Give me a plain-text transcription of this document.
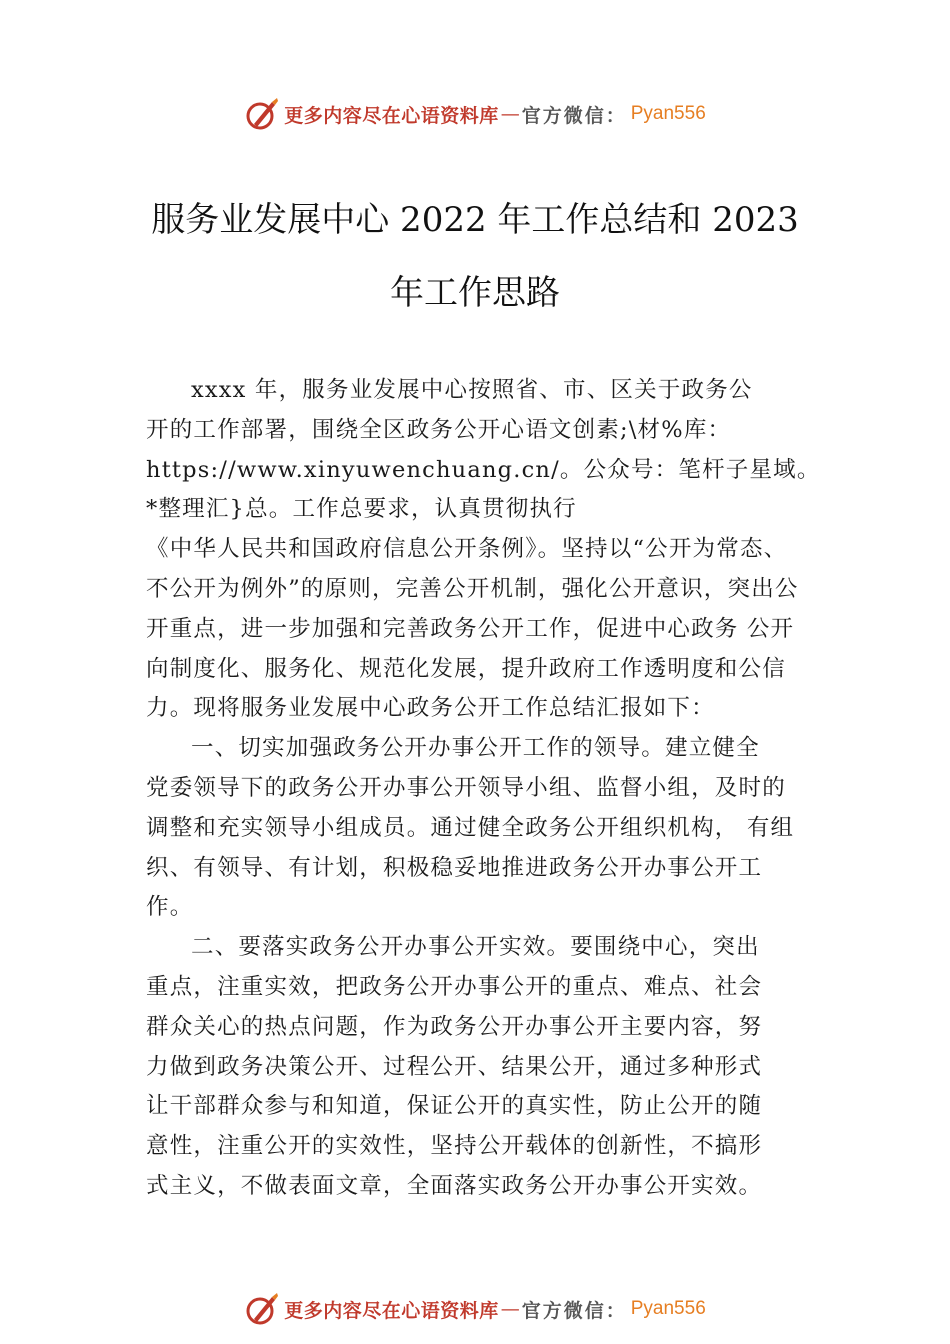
更多内容尽在心语资料库 — 官方微信： Pyan556
服务业发展中心 2022 年工作总结和 2023
年工作思路

xxxx 年，服务业发展中心按照省、市、区关于政务公
开的工作部署，围绕全区政务公开心语文创素;\材%库：
https://www.xinyuwenchuang.cn/。公众号：笔杆子星域。
*整理汇}总。工作总要求，认真贯彻执行
《中华人民共和国政府信息公开条例》。坚持以“公开为常态、
不公开为例外”的原则，完善公开机制，强化公开意识，突出公
开重点，进一步加强和完善政务公开工作，促进中心政务 公开
向制度化、服务化、规范化发展，提升政府工作透明度和公信
力。现将服务业发展中心政务公开工作总结汇报如下：

一、切实加强政务公开办事公开工作的领导。建立健全
党委领导下的政务公开办事公开领导小组、监督小组，及时的
调整和充实领导小组成员。通过健全政务公开组织机构， 有组
织、有领导、有计划，积极稳妥地推进政务公开办事公开工
作。

二、要落实政务公开办事公开实效。要围绕中心，突出
重点，注重实效，把政务公开办事公开的重点、难点、社会
群众关心的热点问题，作为政务公开办事公开主要内容，努
力做到政务决策公开、过程公开、结果公开，通过多种形式
让干部群众参与和知道，保证公开的真实性，防止公开的随
意性，注重公开的实效性，坚持公开载体的创新性，不搞形
式主义，不做表面文章，全面落实政务公开办事公开实效。

更多内容尽在心语资料库 — 官方微信： Pyan556
